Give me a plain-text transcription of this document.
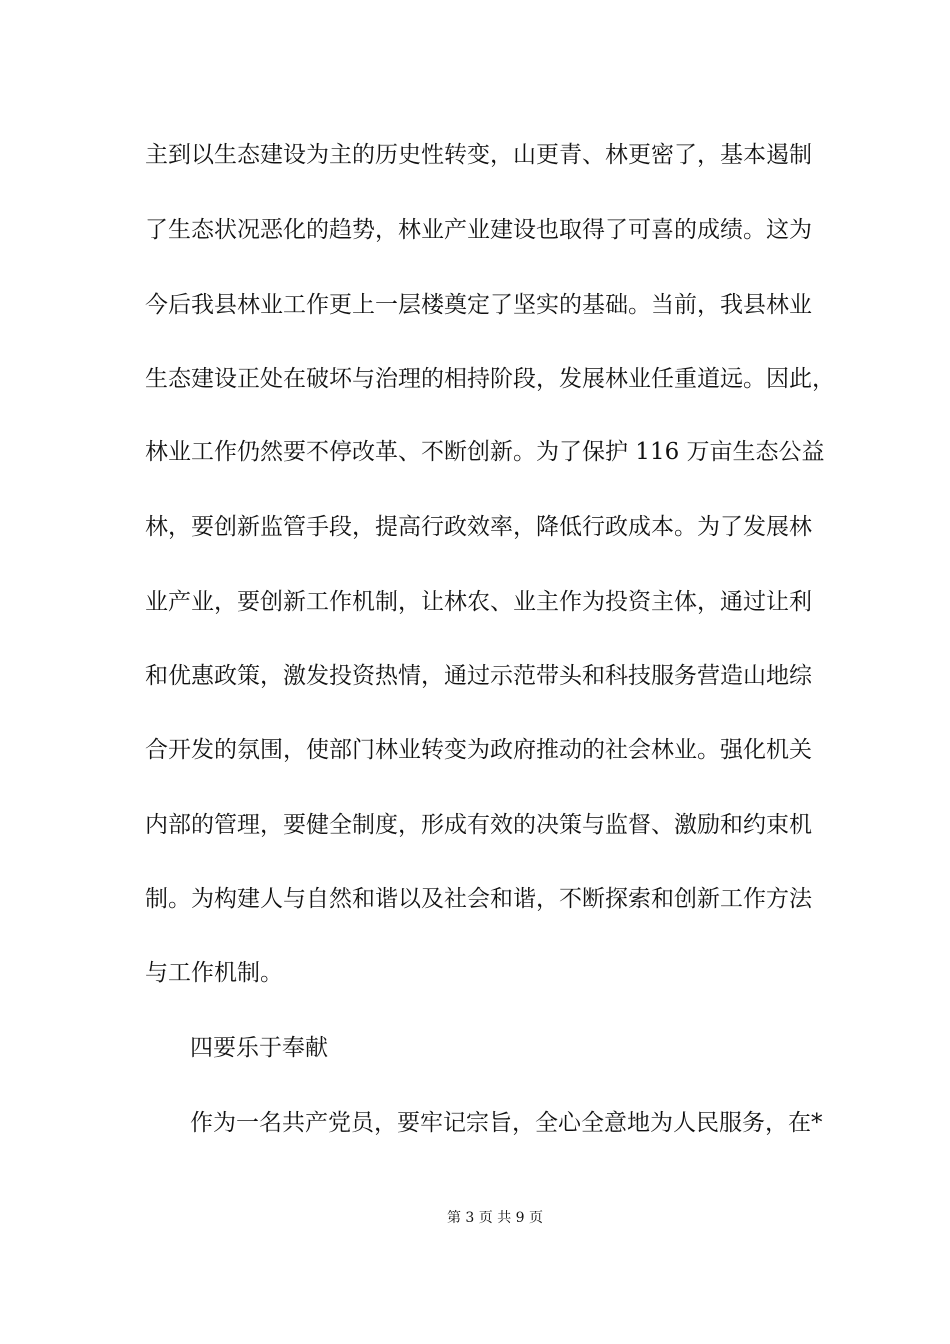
主到以生态建设为主的历史性转变，山更青、林更密了，基本遏制
了生态状况恶化的趋势，林业产业建设也取得了可喜的成绩。这为
今后我县林业工作更上一层楼奠定了坚实的基础。当前，我县林业
生态建设正处在破坏与治理的相持阶段，发展林业任重道远。因此，
林业工作仍然要不停改革、不断创新。为了保护 116 万亩生态公益
林，要创新监管手段，提高行政效率，降低行政成本。为了发展林
业产业，要创新工作机制，让林农、业主作为投资主体，通过让利
和优惠政策，激发投资热情，通过示范带头和科技服务营造山地综
合开发的氛围，使部门林业转变为政府推动的社会林业。强化机关
内部的管理，要健全制度，形成有效的决策与监督、激励和约束机
制。为构建人与自然和谐以及社会和谐，不断探索和创新工作方法
与工作机制。
四要乐于奉献
作为一名共产党员，要牢记宗旨，全心全意地为人民服务，在*
第 3 页 共 9 页
